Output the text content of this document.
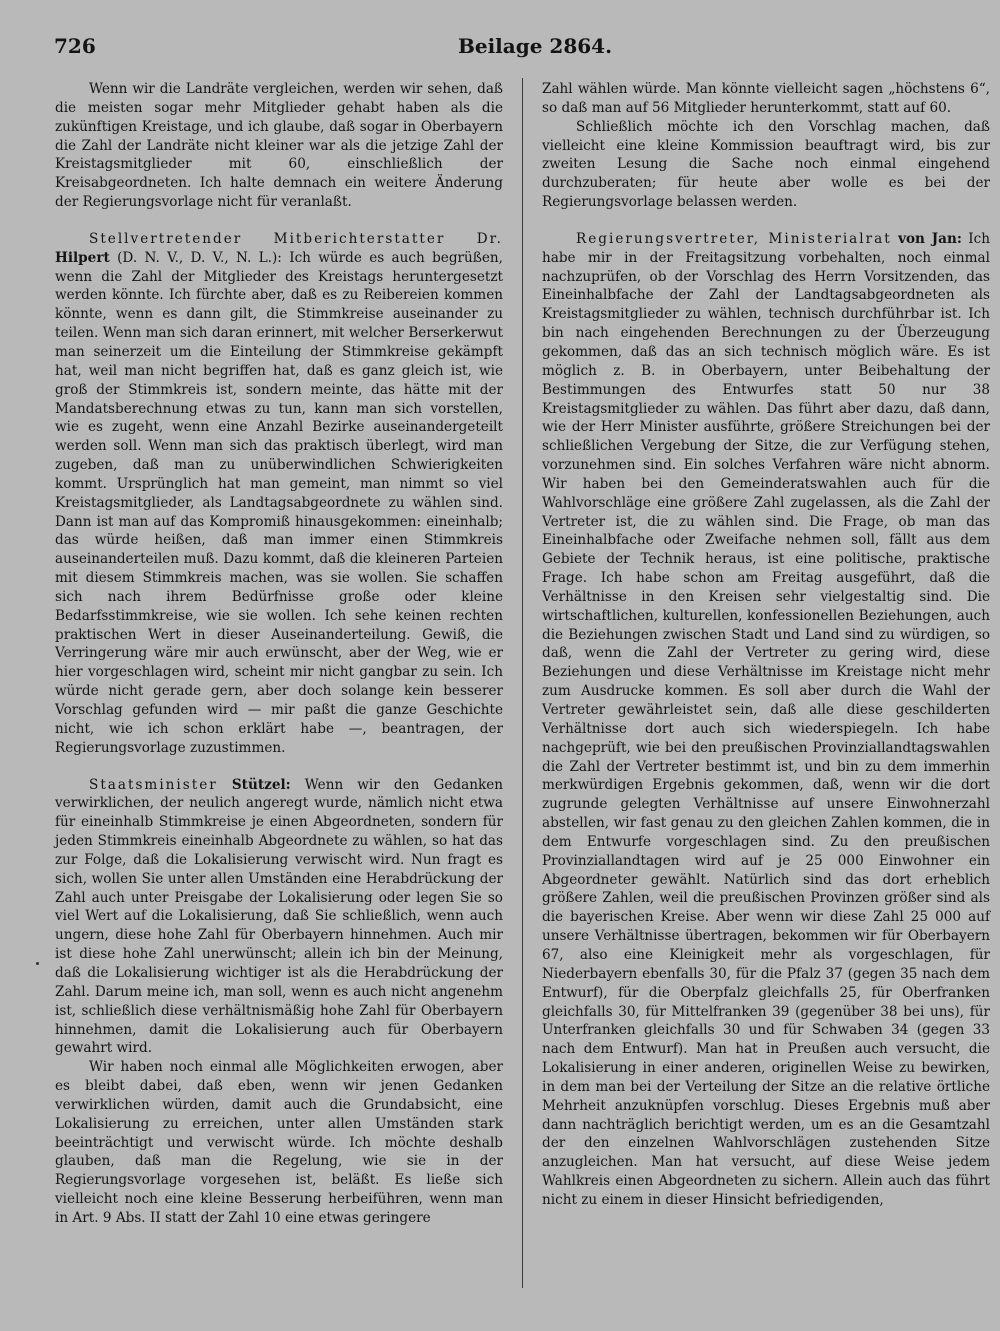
726	Beilage 2864.

Wenn wir die Landräte vergleichen, werden wir sehen, daß die meisten sogar mehr Mitglieder gehabt haben als die zukünftigen Kreistage, und ich glaube, daß sogar in Oberbayern die Zahl der Landräte nicht kleiner war als die jetzige Zahl der Kreistagsmitglieder mit 60, einschließlich der Kreisabgeordneten. Ich halte demnach ein weitere Änderung der Regierungsvorlage nicht für veranlaßt.

Stellvertretender Mitberichterstatter Dr. Hilpert (D. N. V., D. V., N. L.): Ich würde es auch begrüßen, wenn die Zahl der Mitglieder des Kreistags heruntergesetzt werden könnte. Ich fürchte aber, daß es zu Reibereien kommen könnte, wenn es dann gilt, die Stimmkreise auseinander zu teilen. Wenn man sich daran erinnert, mit welcher Berserkerwut man seinerzeit um die Einteilung der Stimmkreise gekämpft hat, weil man nicht begriffen hat, daß es ganz gleich ist, wie groß der Stimmkreis ist, sondern meinte, das hätte mit der Mandatsberechnung etwas zu tun, kann man sich vorstellen, wie es zugeht, wenn eine Anzahl Bezirke auseinandergeteilt werden soll. Wenn man sich das praktisch überlegt, wird man zugeben, daß man zu unüberwindlichen Schwierigkeiten kommt. Ursprünglich hat man gemeint, man nimmt so viel Kreistagsmitglieder, als Landtagsabgeordnete zu wählen sind. Dann ist man auf das Kompromiß hinausgekommen: eineinhalb; das würde heißen, daß man immer einen Stimmkreis auseinanderteilen muß. Dazu kommt, daß die kleineren Parteien mit diesem Stimmkreis machen, was sie wollen. Sie schaffen sich nach ihrem Bedürfnisse große oder kleine Bedarfsstimmkreise, wie sie wollen. Ich sehe keinen rechten praktischen Wert in dieser Auseinanderteilung. Gewiß, die Verringerung wäre mir auch erwünscht, aber der Weg, wie er hier vorgeschlagen wird, scheint mir nicht gangbar zu sein. Ich würde nicht gerade gern, aber doch solange kein besserer Vorschlag gefunden wird — mir paßt die ganze Geschichte nicht, wie ich schon erklärt habe —, beantragen, der Regierungsvorlage zuzustimmen.

Staatsminister Stützel: Wenn wir den Gedanken verwirklichen, der neulich angeregt wurde, nämlich nicht etwa für eineinhalb Stimmkreise je einen Abgeordneten, sondern für jeden Stimmkreis eineinhalb Abgeordnete zu wählen, so hat das zur Folge, daß die Lokalisierung verwischt wird. Nun fragt es sich, wollen Sie unter allen Umständen eine Herabdrückung der Zahl auch unter Preisgabe der Lokalisierung oder legen Sie so viel Wert auf die Lokalisierung, daß Sie schließlich, wenn auch ungern, diese hohe Zahl für Oberbayern hinnehmen. Auch mir ist diese hohe Zahl unerwünscht; allein ich bin der Meinung, daß die Lokalisierung wichtiger ist als die Herabdrückung der Zahl. Darum meine ich, man soll, wenn es auch nicht angenehm ist, schließlich diese verhältnismäßig hohe Zahl für Oberbayern hinnehmen, damit die Lokalisierung auch für Oberbayern gewahrt wird.

Wir haben noch einmal alle Möglichkeiten erwogen, aber es bleibt dabei, daß eben, wenn wir jenen Gedanken verwirklichen würden, damit auch die Grundabsicht, eine Lokalisierung zu erreichen, unter allen Umständen stark beeinträchtigt und verwischt würde. Ich möchte deshalb glauben, daß man die Regelung, wie sie in der Regierungsvorlage vorgesehen ist, beläßt. Es ließe sich vielleicht noch eine kleine Besserung herbeiführen, wenn man in Art. 9 Abs. II statt der Zahl 10 eine etwas geringere

Zahl wählen würde. Man könnte vielleicht sagen „höchstens 6“, so daß man auf 56 Mitglieder herunterkommt, statt auf 60.

Schließlich möchte ich den Vorschlag machen, daß vielleicht eine kleine Kommission beauftragt wird, bis zur zweiten Lesung die Sache noch einmal eingehend durchzuberaten; für heute aber wolle es bei der Regierungsvorlage belassen werden.

Regierungsvertreter, Ministerialrat von Jan: Ich habe mir in der Freitagsitzung vorbehalten, noch einmal nachzuprüfen, ob der Vorschlag des Herrn Vorsitzenden, das Eineinhalbfache der Zahl der Landtagsabgeordneten als Kreistagsmitglieder zu wählen, technisch durchführbar ist. Ich bin nach eingehenden Berechnungen zu der Überzeugung gekommen, daß das an sich technisch möglich wäre. Es ist möglich z. B. in Oberbayern, unter Beibehaltung der Bestimmungen des Entwurfes statt 50 nur 38 Kreistagsmitglieder zu wählen. Das führt aber dazu, daß dann, wie der Herr Minister ausführte, größere Streichungen bei der schließlichen Vergebung der Sitze, die zur Verfügung stehen, vorzunehmen sind. Ein solches Verfahren wäre nicht abnorm. Wir haben bei den Gemeinderatswahlen auch für die Wahlvorschläge eine größere Zahl zugelassen, als die Zahl der Vertreter ist, die zu wählen sind. Die Frage, ob man das Eineinhalbfache oder Zweifache nehmen soll, fällt aus dem Gebiete der Technik heraus, ist eine politische, praktische Frage. Ich habe schon am Freitag ausgeführt, daß die Verhältnisse in den Kreisen sehr vielgestaltig sind. Die wirtschaftlichen, kulturellen, konfessionellen Beziehungen, auch die Beziehungen zwischen Stadt und Land sind zu würdigen, so daß, wenn die Zahl der Vertreter zu gering wird, diese Beziehungen und diese Verhältnisse im Kreistage nicht mehr zum Ausdrucke kommen. Es soll aber durch die Wahl der Vertreter gewährleistet sein, daß alle diese geschilderten Verhältnisse dort auch sich wiederspiegeln. Ich habe nachgeprüft, wie bei den preußischen Provinziallandtagswahlen die Zahl der Vertreter bestimmt ist, und bin zu dem immerhin merkwürdigen Ergebnis gekommen, daß, wenn wir die dort zugrunde gelegten Verhältnisse auf unsere Einwohnerzahl abstellen, wir fast genau zu den gleichen Zahlen kommen, die in dem Entwurfe vorgeschlagen sind. Zu den preußischen Provinziallandtagen wird auf je 25 000 Einwohner ein Abgeordneter gewählt. Natürlich sind das dort erheblich größere Zahlen, weil die preußischen Provinzen größer sind als die bayerischen Kreise. Aber wenn wir diese Zahl 25 000 auf unsere Verhältnisse übertragen, bekommen wir für Oberbayern 67, also eine Kleinigkeit mehr als vorgeschlagen, für Niederbayern ebenfalls 30, für die Pfalz 37 (gegen 35 nach dem Entwurf), für die Oberpfalz gleichfalls 25, für Oberfranken gleichfalls 30, für Mittelfranken 39 (gegenüber 38 bei uns), für Unterfranken gleichfalls 30 und für Schwaben 34 (gegen 33 nach dem Entwurf). Man hat in Preußen auch versucht, die Lokalisierung in einer anderen, originellen Weise zu bewirken, in dem man bei der Verteilung der Sitze an die relative örtliche Mehrheit anzuknüpfen vorschlug. Dieses Ergebnis muß aber dann nachträglich berichtigt werden, um es an die Gesamtzahl der den einzelnen Wahlvorschlägen zustehenden Sitze anzugleichen. Man hat versucht, auf diese Weise jedem Wahlkreis einen Abgeordneten zu sichern. Allein auch das führt nicht zu einem in dieser Hinsicht befriedigenden,
